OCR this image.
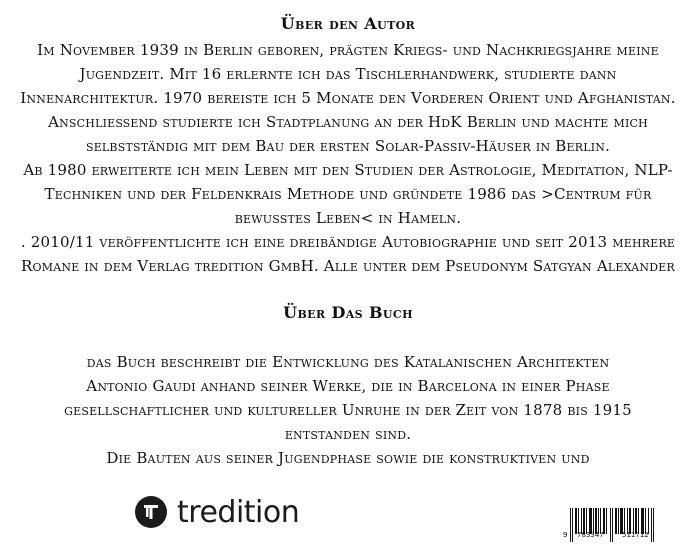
Über den Autor
Im November 1939 in Berlin geboren, prägten Kriegs- und Nachkriegsjahre meine
Jugendzeit. Mit 16 erlernte ich das Tischlerhandwerk, studierte dann
Innenarchitektur. 1970 bereiste ich 5 Monate den Vorderen Orient und Afghanistan.
Anschließend studierte ich Stadtplanung an der HdK Berlin und machte mich
selbstständig mit dem Bau der ersten Solar-Passiv-Häuser in Berlin.
Ab 1980 erweiterte ich mein Leben mit den Studien der Astrologie, Meditation, NLP-
Techniken und der Feldenkrais Methode und gründete 1986 das >Centrum für
bewusstes Leben< in Hameln.
. 2010/11 veröffentlichte ich eine dreibändige Autobiographie und seit 2013 mehrere
Romane in dem Verlag tredition GmbH. Alle unter dem Pseudonym Satgyan Alexander
Über Das Buch
das Buch beschreibt die Entwicklung des Katalanischen Architekten
Antonio Gaudi anhand seiner Werke, die in Barcelona in einer Phase
gesellschaftlicher und kultureller Unruhe in der Zeit von 1878 bis 1915
entstanden sind.
Die Bauten aus seiner Jugendphase sowie die konstruktiven und
tredition
9 783347	511712
